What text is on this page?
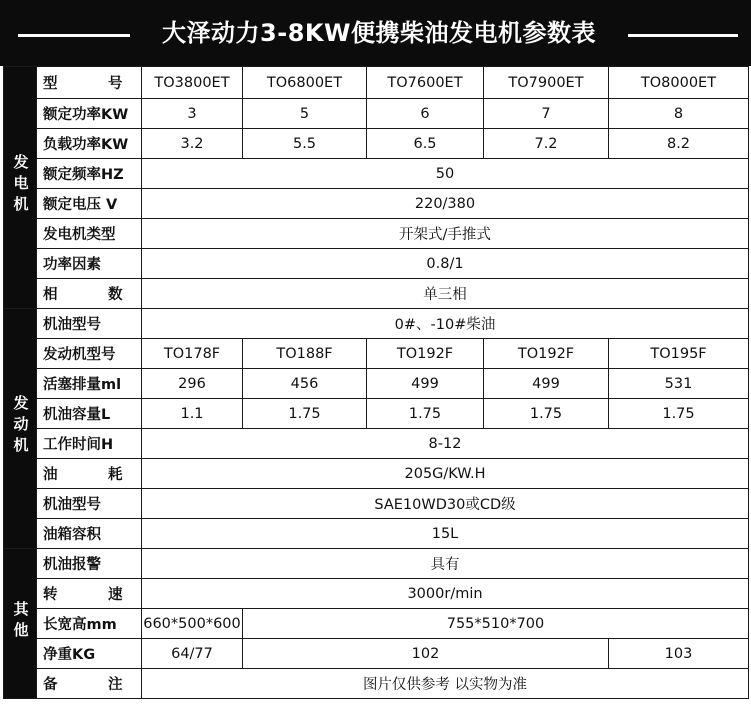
大泽动力3-8KW便携柴油发电机参数表
发电机	型　号	TO3800ET	TO6800ET	TO7600ET	TO7900ET	TO8000ET
	额定功率KW	3	5	6	7	8
	负载功率KW	3.2	5.5	6.5	7.2	8.2
	额定频率HZ	50				
	额定电压 V	220/380				
	发电机类型	开架式/手推式				
	功率因素	0.8/1				
	相　数	单三相				
发动机	机油型号	0#、-10#柴油				
	发动机型号	TO178F	TO188F	TO192F	TO192F	TO195F
	活塞排量ml	296	456	499	499	531
	机油容量L	1.1	1.75	1.75	1.75	1.75
	工作时间H	8-12				
	油　耗	205G/KW.H				
	机油型号	SAE10WD30或CD级				
	油箱容积	15L				
其他	机油报警	具有				
	转　速	3000r/min				
	长宽高mm	660*500*600	755*510*700			
	净重KG	64/77	102			103
	备　注	图片仅供参考 以实物为准				
